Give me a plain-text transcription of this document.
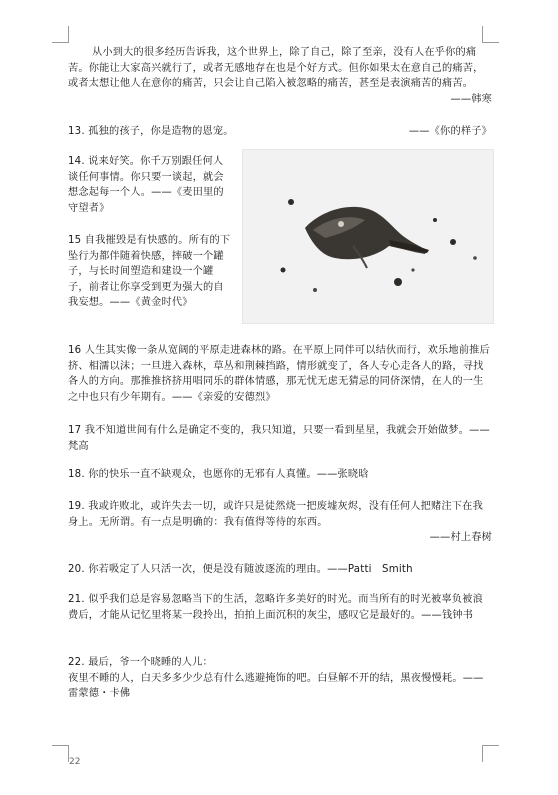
从小到大的很多经历告诉我，这个世界上，除了自己，除了至亲，没有人在乎你的痛苦。你能让大家高兴就行了，或者无感地存在也是个好方式。但你如果太在意自己的痛苦，或者太想让他人在意你的痛苦，只会让自己陷入被忽略的痛苦，甚至是表演痛苦的痛苦。
——韩寒
13. 孤独的孩子，你是造物的恩宠。	——《你的样子》
14. 说来好笑。你千万别跟任何人谈任何事情。你只要一谈起，就会想念起每一个人。——《麦田里的守望者》
15 自我摧毁是有快感的。所有的下坠行为都伴随着快感，摔破一个罐子，与长时间塑造和建设一个罐子，前者让你享受到更为强大的自我妄想。——《黄金时代》
16 人生其实像一条从宽阔的平原走进森林的路。在平原上同伴可以结伙而行，欢乐地前推后挤、相濡以沫；一旦进入森林，草丛和荆棘挡路，情形就变了，各人专心走各人的路，寻找各人的方向。那推推挤挤用唱同乐的群体情感，那无忧无虑无猜忌的同侪深情，在人的一生之中也只有少年期有。——《亲爱的安德烈》
17 我不知道世间有什么是确定不变的，我只知道，只要一看到星星，我就会开始做梦。——梵高
18. 你的快乐一直不缺观众，也愿你的无邪有人真懂。——张晓晗
19. 我或许败北，或许失去一切，或许只是徒然烧一把废墟灰烬，没有任何人把赌注下在我身上。无所谓。有一点是明确的：我有值得等待的东西。
——村上春树
20. 你若吸定了人只活一次，便是没有随波逐流的理由。——Patti　Smith
21. 似乎我们总是容易忽略当下的生活，忽略许多美好的时光。而当所有的时光被辜负被浪费后，才能从记忆里将某一段拎出，拍拍上面沉积的灰尘，感叹它是最好的。——钱钟书
22. 最后，爷一个晓睡的人儿：
夜里不睡的人，白天多多少少总有什么逃避掩饰的吧。白昼解不开的结，黑夜慢慢耗。——雷蒙德・卡佛
22
